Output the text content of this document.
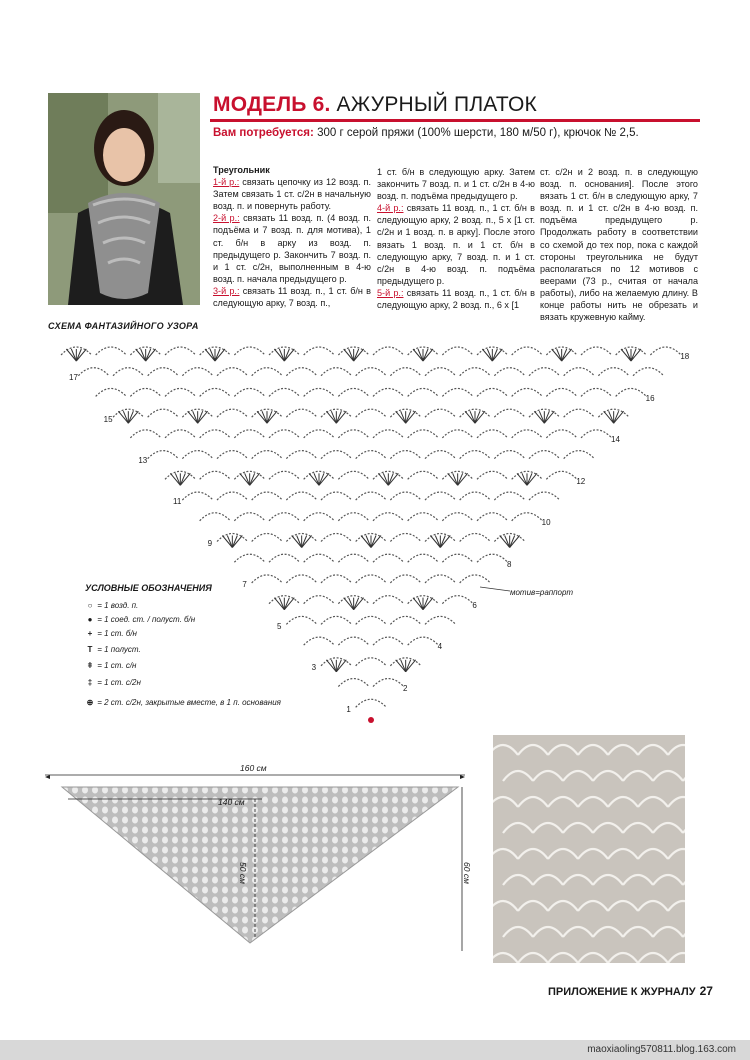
МОДЕЛЬ 6. АЖУРНЫЙ ПЛАТОК
Вам потребуется: 300 г серой пряжи (100% шерсти, 180 м/50 г), крючок № 2,5.
Треугольник

1-й р.: связать цепочку из 12 возд. п. Затем связать 1 ст. с/2н в начальную возд. п. и повернуть работу.

2-й р.: связать 11 возд. п. (4 возд. п. подъёма и 7 возд. п. для мотива), 1 ст. б/н в арку из возд. п. предыдущего р. Закончить 7 возд. п. и 1 ст. с/2н, выполненным в 4-ю возд. п. начала предыдущего р.

3-й р.: связать 11 возд. п., 1 ст. б/н в следующую арку, 7 возд. п.,

1 ст. б/н в следующую арку. Затем закончить 7 возд. п. и 1 ст. с/2н в 4-ю возд. п. подъёма предыдущего р.

4-й р.: связать 11 возд. п., 1 ст. б/н в следующую арку, 2 возд. п., 5 х [1 ст. с/2н и 1 возд. п. в арку]. После этого вязать 1 возд. п. и 1 ст. б/н в следующую арку, 7 возд. п. и 1 ст. с/2н в 4-ю возд. п. подъёма предыдущего р.

5-й р.: связать 11 возд. п., 1 ст. б/н в следующую арку, 2 возд. п., 6 х [1

ст. с/2н и 2 возд. п. в следующую возд. п. основания]. После этого вязать 1 ст. б/н в следующую арку, 7 возд. п. и 1 ст. с/2н в 4-ю возд. п. подъёма предыдущего р. Продолжать работу в соответствии со схемой до тех пор, пока с каждой стороны треугольника не будут располагаться по 12 мотивов с веерами (73 р., считая от начала работы), либо на желаемую длину. В конце работы нить не обрезать и вязать кружевную кайму.

СХЕМА ФАНТАЗИЙНОГО УЗОРА
1
2
3
4
5
6
7
8
9
10
11
12
13
14
15
16
17
18
мотив=раппорт
УСЛОВНЫЕ ОБОЗНАЧЕНИЯ
○ = 1 возд. п.
● = 1 соед. ст. / полуст. б/н
+ = 1 ст. б/н
T = 1 полуст.
ǂ = 1 ст. с/н
‡ = 1 ст. с/2н
⊕ = 2 ст. с/2н, закрытые вместе, в 1 п. основания
160 см
140 см
50 см	60 см
ПРИЛОЖЕНИЕ К ЖУРНАЛУ 27
maoxiaoling570811.blog.163.com
